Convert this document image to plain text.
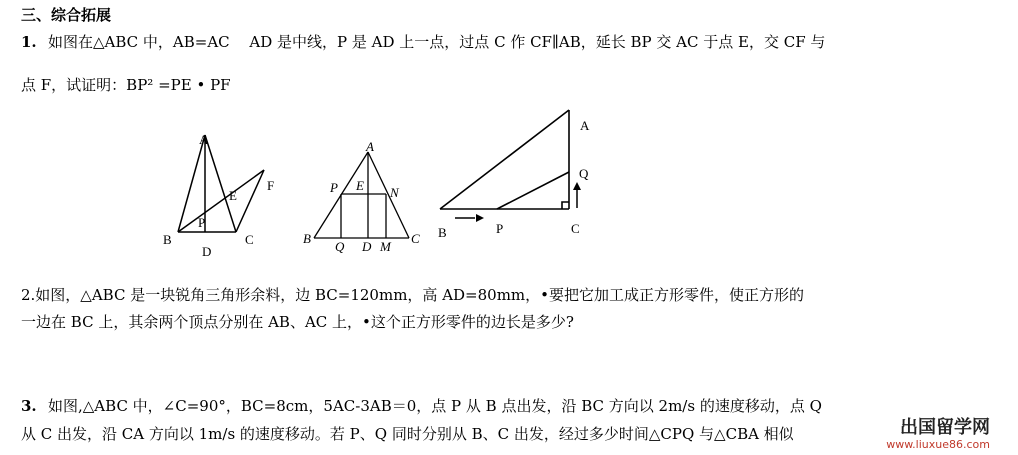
三、综合拓展
1. 如图在△ABC 中，AB=AC　 AD 是中线，P 是 AD 上一点，过点 C 作 CF∥AB，延长 BP 交 AC 于点 E，交 CF 与
点 F，试证明：BP² =PE • PF
A
B	C
D
E
F
P
A
B	C
P E N
Q D M
A
Q
B	P	C
2.如图，△ABC 是一块锐角三角形余料，边 BC=120mm，高 AD=80mm，•要把它加工成正方形零件，使正方形的
一边在 BC 上，其余两个顶点分别在 AB、AC 上，•这个正方形零件的边长是多少?
3. 如图,△ABC 中，∠C=90°，BC=8cm，5AC-3AB＝0，点 P 从 B 点出发，沿 BC 方向以 2m/s 的速度移动，点 Q
从 C 出发，沿 CA 方向以 1m/s 的速度移动。若 P、Q 同时分别从 B、C 出发，经过多少时间△CPQ 与△CBA 相似	出国留学网
www.liuxue86.com
